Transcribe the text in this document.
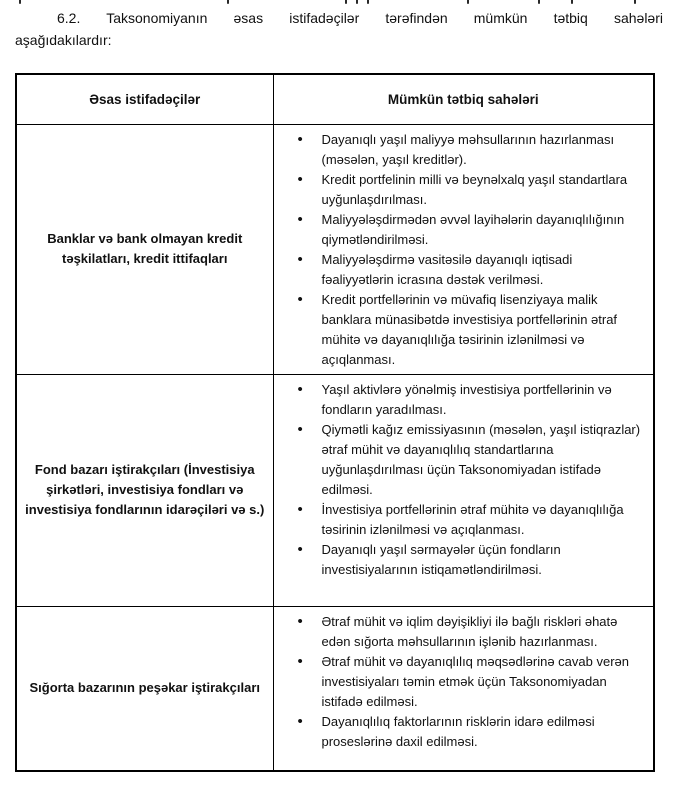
6.2. Taksonomiyanın əsas istifadəçilər tərəfindən mümkün tətbiq sahələri
aşağıdakılardır:

Əsas istifadəçilər	Mümkün tətbiq sahələri
Banklar və bank olmayan kredit təşkilatları, kredit ittifaqları	
• Dayanıqlı yaşıl maliyyə məhsullarının hazırlanması (məsələn, yaşıl kreditlər).
• Kredit portfelinin milli və beynəlxalq yaşıl standartlara uyğunlaşdırılması.
• Maliyyələşdirmədən əvvəl layihələrin dayanıqlılığının qiymətləndirilməsi.
• Maliyyələşdirmə vasitəsilə dayanıqlı iqtisadi fəaliyyətlərin icrasına dəstək verilməsi.
• Kredit portfellərinin və müvafiq lisenziyaya malik banklara münasibətdə investisiya portfellərinin ətraf mühitə və dayanıqlılığa təsirinin izlənilməsi və açıqlanması.

Fond bazarı iştirakçıları (İnvestisiya şirkətləri, investisiya fondları və investisiya fondlarının idarəçiləri və s.)	
• Yaşıl aktivlərə yönəlmiş investisiya portfellərinin və fondların yaradılması.
• Qiymətli kağız emissiyasının (məsələn, yaşıl istiqrazlar) ətraf mühit və dayanıqlılıq standartlarına uyğunlaşdırılması üçün Taksonomiyadan istifadə edilməsi.
• İnvestisiya portfellərinin ətraf mühitə və dayanıqlılığa təsirinin izlənilməsi və açıqlanması.
• Dayanıqlı yaşıl sərmayələr üçün fondların investisiyalarının istiqamətləndirilməsi.

Sığorta bazarının peşəkar iştirakçıları	
• Ətraf mühit və iqlim dəyişikliyi ilə bağlı riskləri əhatə edən sığorta məhsullarının işlənib hazırlanması.
• Ətraf mühit və dayanıqlılıq məqsədlərinə cavab verən investisiyaları təmin etmək üçün Taksonomiyadan istifadə edilməsi.
• Dayanıqlılıq faktorlarının risklərin idarə edilməsi proseslərinə daxil edilməsi.
